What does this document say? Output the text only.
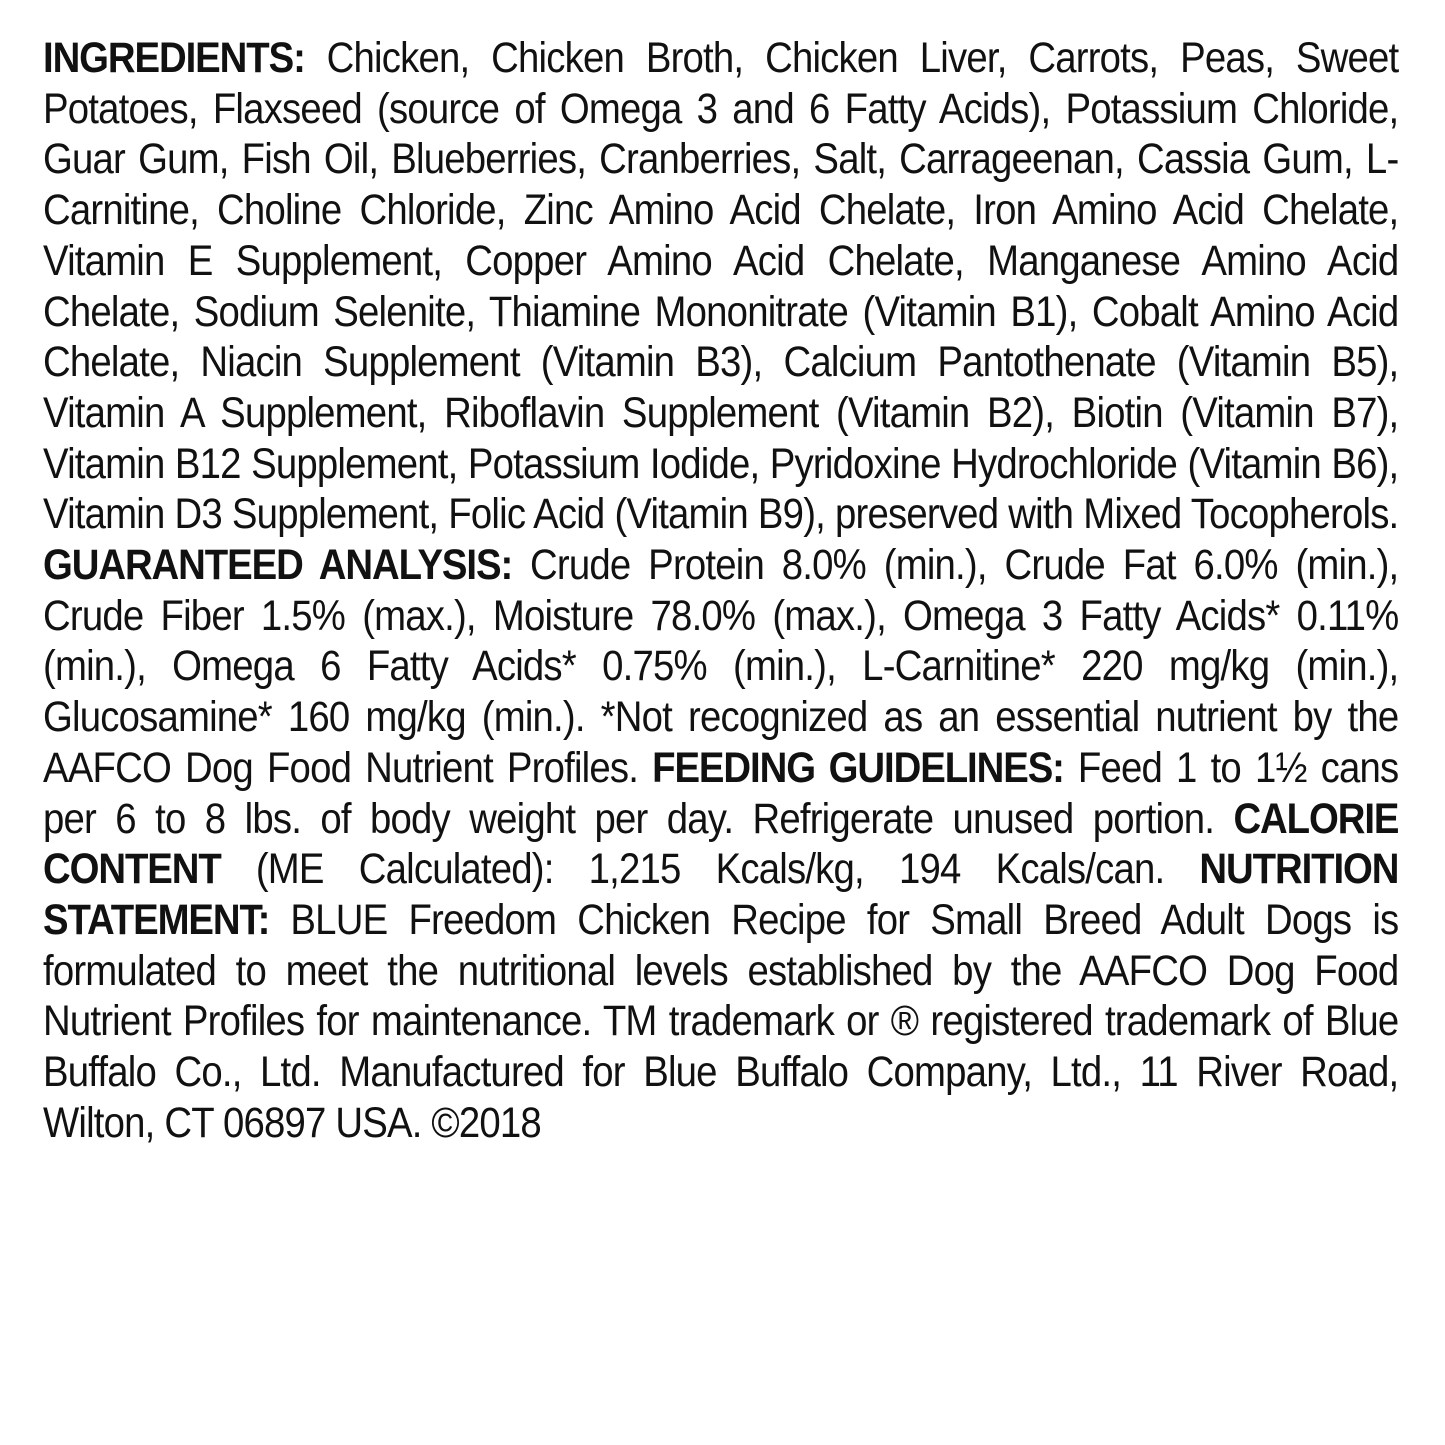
INGREDIENTS: Chicken, Chicken Broth, Chicken Liver, Carrots, Peas, Sweet Potatoes, Flaxseed (source of Omega 3 and 6 Fatty Acids), Potassium Chloride, Guar Gum, Fish Oil, Blueberries, Cranberries, Salt, Carrageenan, Cassia Gum, L-Carnitine, Choline Chloride, Zinc Amino Acid Chelate, Iron Amino Acid Chelate, Vitamin E Supplement, Copper Amino Acid Chelate, Manganese Amino Acid Chelate, Sodium Selenite, Thiamine Mononitrate (Vitamin B1), Cobalt Amino Acid Chelate, Niacin Supplement (Vitamin B3), Calcium Pantothenate (Vitamin B5), Vitamin A Supplement, Riboflavin Supplement (Vitamin B2), Biotin (Vitamin B7), Vitamin B12 Supplement, Potassium Iodide, Pyridoxine Hydrochloride (Vitamin B6), Vitamin D3 Supplement, Folic Acid (Vitamin B9), preserved with Mixed Tocopherols. GUARANTEED ANALYSIS: Crude Protein 8.0% (min.), Crude Fat 6.0% (min.), Crude Fiber 1.5% (max.), Moisture 78.0% (max.), Omega 3 Fatty Acids* 0.11% (min.), Omega 6 Fatty Acids* 0.75% (min.), L-Carnitine* 220 mg/kg (min.), Glucosamine* 160 mg/kg (min.). *Not recognized as an essential nutrient by the AAFCO Dog Food Nutrient Profiles. FEEDING GUIDELINES: Feed 1 to 1½ cans per 6 to 8 lbs. of body weight per day. Refrigerate unused portion. CALORIE CONTENT (ME Calculated): 1,215 Kcals/kg, 194 Kcals/can. NUTRITION STATEMENT: BLUE Freedom Chicken Recipe for Small Breed Adult Dogs is formulated to meet the nutritional levels established by the AAFCO Dog Food Nutrient Profiles for maintenance. TM trademark or ® registered trademark of Blue Buffalo Co., Ltd. Manufactured for Blue Buffalo Company, Ltd., 11 River Road, Wilton, CT 06897 USA. ©2018
